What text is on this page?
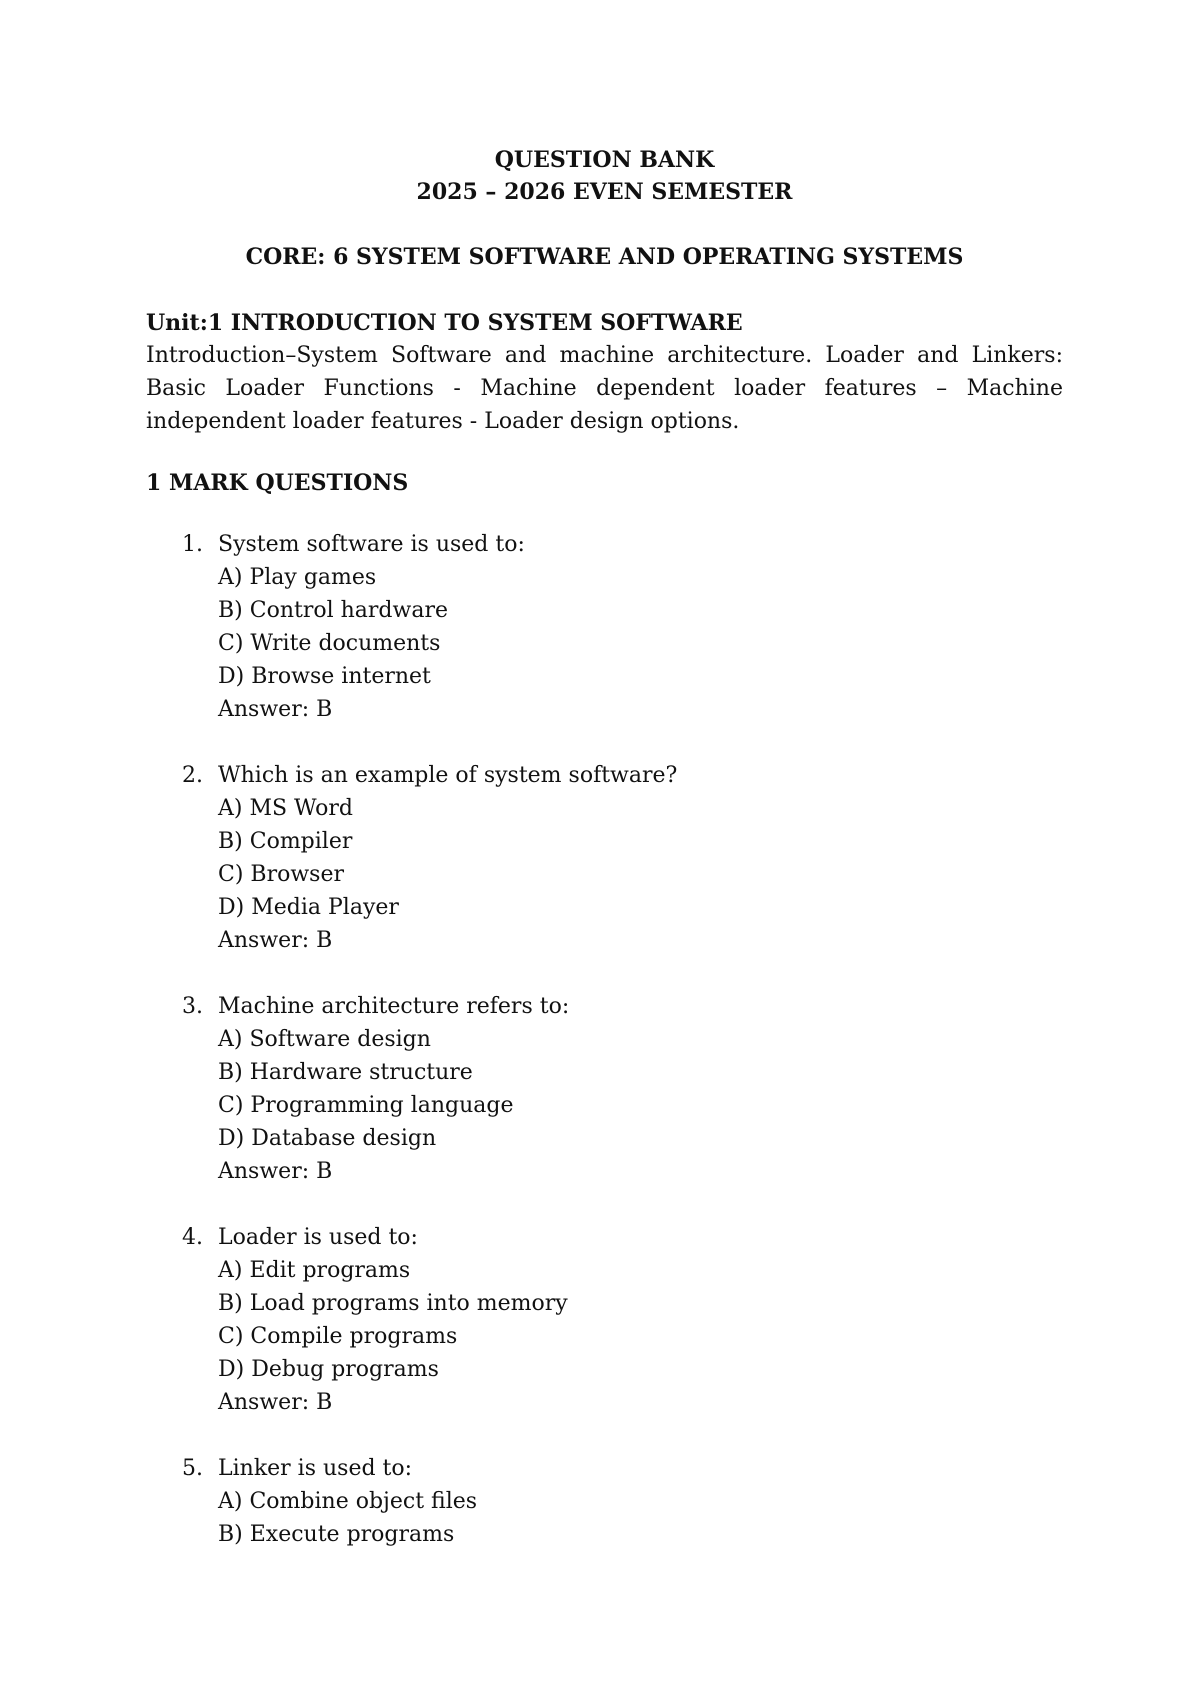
QUESTION BANK
2025 – 2026 EVEN SEMESTER
CORE: 6 SYSTEM SOFTWARE AND OPERATING SYSTEMS
Unit:1 INTRODUCTION TO SYSTEM SOFTWARE

Introduction–System Software and machine architecture. Loader and Linkers: Basic Loader Functions - Machine dependent loader features – Machine independent loader features - Loader design options.

1 MARK QUESTIONS
1. System software is used to:
A) Play games
B) Control hardware
C) Write documents
D) Browse internet
Answer: B
2. Which is an example of system software?
A) MS Word
B) Compiler
C) Browser
D) Media Player
Answer: B
3. Machine architecture refers to:
A) Software design
B) Hardware structure
C) Programming language
D) Database design
Answer: B
4. Loader is used to:
A) Edit programs
B) Load programs into memory
C) Compile programs
D) Debug programs
Answer: B
5. Linker is used to:
A) Combine object files
B) Execute programs
